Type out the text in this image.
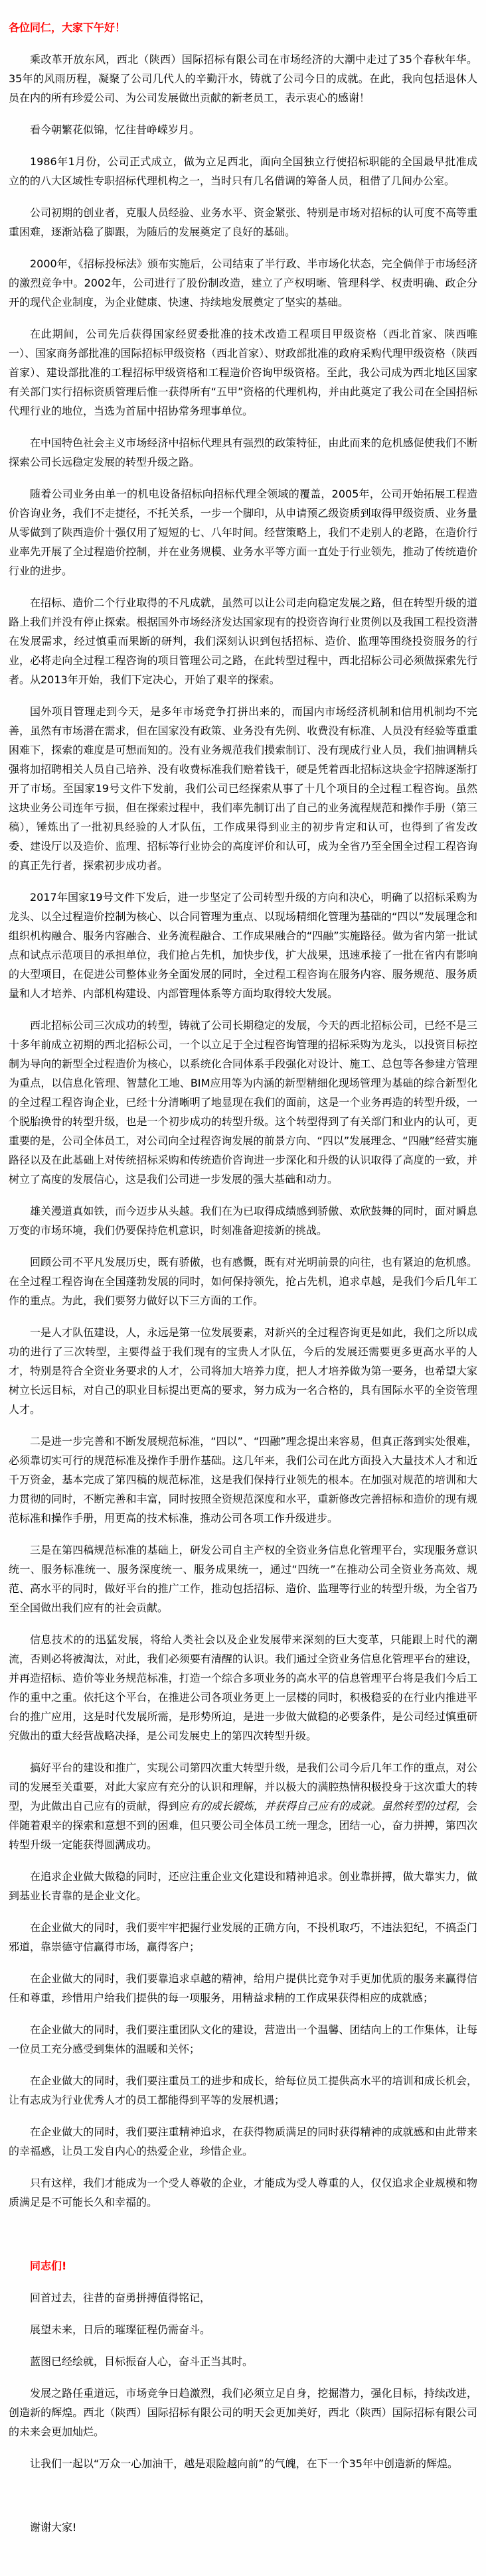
各位同仁，大家下午好！

乘改革开放东风，西北（陕西）国际招标有限公司在市场经济的大潮中走过了35个春秋年华。35年的风雨历程，凝聚了公司几代人的辛勤汗水，铸就了公司今日的成就。在此，我向包括退休人员在内的所有珍爱公司、为公司发展做出贡献的新老员工，表示衷心的感谢！

看今朝繁花似锦，忆往昔峥嵘岁月。

1986年1月份，公司正式成立，做为立足西北，面向全国独立行使招标职能的全国最早批准成立的的八大区域性专职招标代理机构之一，当时只有几名借调的筹备人员，租借了几间办公室。

公司初期的创业者，克服人员经验、业务水平、资金紧张、特别是市场对招标的认可度不高等重重困难，逐渐站稳了脚跟，为随后的发展奠定了良好的基础。

2000年，《招标投标法》颁布实施后，公司结束了半行政、半市场化状态，完全倘佯于市场经济的激烈竞争中。2002年，公司进行了股份制改造，建立了产权明晰、管理科学、权责明确、政企分开的现代企业制度，为企业健康、快速、持续地发展奠定了坚实的基础。

在此期间，公司先后获得国家经贸委批准的技术改造工程项目甲级资格（西北首家、陕西唯一）、国家商务部批准的国际招标甲级资格（西北首家）、财政部批准的政府采购代理甲级资格（陕西首家）、建设部批准的工程招标甲级资格和工程造价咨询甲级资格。至此，我公司成为西北地区国家有关部门实行招标资质管理后惟一获得所有“五甲”资格的代理机构，并由此奠定了我公司在全国招标代理行业的地位，当选为首届中招协常务理事单位。

在中国特色社会主义市场经济中招标代理具有强烈的政策特征，由此而来的危机感促使我们不断探索公司长远稳定发展的转型升级之路。

随着公司业务由单一的机电设备招标向招标代理全领域的覆盖，2005年，公司开始拓展工程造价咨询业务，我们不走捷径，不托关系，一步一个脚印，从申请预乙级资质到取得甲级资质、业务量从零做到了陕西造价十强仅用了短短的七、八年时间。经营策略上，我们不走别人的老路，在造价行业率先开展了全过程造价控制，并在业务规模、业务水平等方面一直处于行业领先，推动了传统造价行业的进步。

在招标、造价二个行业取得的不凡成就，虽然可以让公司走向稳定发展之路，但在转型升级的道路上我们并没有停止探索。根据国外市场经济发达国家现有的投资咨询行业贯例以及我国工程投资潜在发展需求，经过慎重而果断的研判，我们深刻认识到包括招标、造价、监理等围绕投资服务的行业，必将走向全过程工程咨询的项目管理公司之路，在此转型过程中，西北招标公司必须做探索先行者。从2013年开始，我们下定决心，开始了艰辛的探索。

国外项目管理走到今天，是多年市场竞争打拼出来的，而国内市场经济机制和信用机制均不完善，虽然有市场潜在需求，但在国家没有政策、业务没有先例、收费没有标准、人员没有经验等重重困难下，探索的难度是可想而知的。没有业务规范我们摸索制订、没有现成行业人员，我们抽调精兵强将加招聘相关人员自己培养、没有收费标准我们赔着钱干，硬是凭着西北招标这块金字招牌逐渐打开了市场。至国家19号文件下发前，我们公司已经探索从事了十几个项目的全过程工程咨询。虽然这块业务公司连年亏损，但在探索过程中，我们率先制订出了自己的业务流程规范和操作手册（第三稿），锤炼出了一批初具经验的人才队伍，工作成果得到业主的初步肯定和认可，也得到了省发改委、建设厅以及造价、监理、招标等行业协会的高度评价和认可，成为全省乃至全国全过程工程咨询的真正先行者，探索初步成功者。

2017年国家19号文件下发后，进一步坚定了公司转型升级的方向和决心，明确了以招标采购为龙头、以全过程造价控制为核心、以合同管理为重点、以现场精细化管理为基础的“四以”发展理念和组织机构融合、服务内容融合、业务流程融合、工作成果融合的“四融”实施路径。做为省内第一批试点和试点示范项目的承担单位，我们抢占先机，加快步伐，扩大战果，迅速承接了一批在省内有影响的大型项目，在促进公司整体业务全面发展的同时，全过程工程咨询在服务内容、服务规范、服务质量和人才培养、内部机构建设、内部管理体系等方面均取得较大发展。

西北招标公司三次成功的转型，铸就了公司长期稳定的发展，今天的西北招标公司，已经不是三十多年前成立初期的西北招标公司，一个以立足于全过程咨询管理的招标采购为龙头，以投资目标控制为导向的新型全过程造价为核心，以系统化合同体系手段强化对设计、施工、总包等各参建方管理为重点，以信息化管理、智慧化工地、BIM应用等为内涵的新型精细化现场管理为基础的综合新型化的全过程工程咨询企业，已经十分清晰明了地显现在我们的面前，这是一个业务再造的转型升级，一个脱胎换骨的转型升级，也是一个初步成功的转型升级。这个转型得到了有关部门和业内的认可，更重要的是，公司全体员工，对公司向全过程咨询发展的前景方向、“四以”发展理念、“四融”经营实施路径以及在此基础上对传统招标采购和传统造价咨询进一步深化和升级的认识取得了高度的一致，并树立了高度的发展信心，这是我们公司进一步发展的强大基础和动力。

雄关漫道真如铁，而今迈步从头越。我们在为已取得成绩感到骄傲、欢欣鼓舞的同时，面对瞬息万变的市场环境，我们仍要保持危机意识，时刻准备迎接新的挑战。

回顾公司不平凡发展历史，既有骄傲，也有感慨，既有对光明前景的向往，也有紧迫的危机感。在全过程工程咨询在全国蓬勃发展的同时，如何保持领先，抢占先机，追求卓越，是我们今后几年工作的重点。为此，我们要努力做好以下三方面的工作。

一是人才队伍建设，人，永远是第一位发展要素，对新兴的全过程咨询更是如此，我们之所以成功的进行了三次转型，主要得益于我们现有的宝贵人才队伍，今后的发展还需要更多更高水平的人才，特别是符合全资业务要求的人才，公司将加大培养力度，把人才培养做为第一要务，也希望大家树立长远目标，对自己的职业目标提出更高的要求，努力成为一名合格的，具有国际水平的全资管理人才。

二是进一步完善和不断发展规范标准，“四以”、“四融”理念提出来容易，但真正落到实处很难，必须靠切实可行的规范标准及操作手册作基础。这几年来，我们公司在此方面投入大量技术人才和近千万资金，基本完成了第四稿的规范标准，这是我们保持行业领先的根本。在加强对规范的培训和大力贯彻的同时，不断完善和丰富，同时按照全资规范深度和水平，重新修改完善招标和造价的现有规范标准和操作手册，用更高的技术标准，推动公司各项工作升级进步。

三是在第四稿规范标准的基础上，研发公司自主产权的全资业务信息化管理平台，实现服务意识统一、服务标准统一、服务深度统一、服务成果统一，通过“四统一”在推动公司全资业务高效、规范、高水平的同时，做好平台的推广工作，推动包括招标、造价、监理等行业的转型升级，为全省乃至全国做出我们应有的社会贡献。

信息技术的的迅猛发展，将给人类社会以及企业发展带来深刻的巨大变革，只能跟上时代的潮流，否则必将被淘汰，对此，我们必须要有清醒的认识。我们通过全资业务信息化管理平台的建设，并再造招标、造价等业务规范标准，打造一个综合多项业务的高水平的信息管理平台将是我们今后工作的重中之重。依托这个平台，在推进公司各项业务更上一层楼的同时，积极稳妥的在行业内推进平台的推广应用，这是时代发展所需，是形势所迫，是进一步做大做稳的必要条件，是公司经过慎重研究做出的重大经营战略决择，是公司发展史上的第四次转型升级。

搞好平台的建设和推广，实现公司第四次重大转型升级，是我们公司今后几年工作的重点，对公司的发展至关重要，对此大家应有充分的认识和理解，并以极大的满腔热情积极投身于这次重大的转型，为此做出自己应有的贡献，得到应有的成长锻炼，并获得自己应有的成就。虽然转型的过程，会伴随着艰辛的探索和意想不到的困难，但只要公司全体员工统一理念，团结一心，奋力拼搏，第四次转型升级一定能获得圆满成功。

在追求企业做大做稳的同时，还应注重企业文化建设和精神追求。创业靠拼搏，做大靠实力，做到基业长青靠的是企业文化。

在企业做大的同时，我们要牢牢把握行业发展的正确方向，不投机取巧，不违法犯纪，不搞歪门邪道，靠崇德守信赢得市场，赢得客户；

在企业做大的同时，我们要靠追求卓越的精神，给用户提供比竞争对手更加优质的服务来赢得信任和尊重，珍惜用户给我们提供的每一项服务，用精益求精的工作成果获得相应的成就感；

在企业做大的同时，我们要注重团队文化的建设，营造出一个温馨、团结向上的工作集体，让每一位员工充分感受到集体的温暖和关怀；

在企业做大的同时，我们要注重员工的进步和成长，给每位员工提供高水平的培训和成长机会，让有志成为行业优秀人才的员工都能得到平等的发展机遇；

在企业做大的同时，我们要注重精神追求，在获得物质满足的同时获得精神的成就感和由此带来的幸福感，让员工发自内心的热爱企业，珍惜企业。

只有这样，我们才能成为一个受人尊敬的企业，才能成为受人尊重的人，仅仅追求企业规模和物质满足是不可能长久和幸福的。

同志们!

回首过去，往昔的奋勇拼搏值得铭记，

展望未来，日后的璀璨征程仍需奋斗。

蓝图已经绘就，目标振奋人心，奋斗正当其时。

发展之路任重道远，市场竞争日趋激烈，我们必须立足自身，挖掘潜力，强化目标，持续改进，创造新的辉煌。西北（陕西）国际招标有限公司的明天会更加美好，西北（陕西）国际招标有限公司的未来会更加灿烂。

让我们一起以“万众一心加油干，越是艰险越向前”的气魄，在下一个35年中创造新的辉煌。

谢谢大家!
